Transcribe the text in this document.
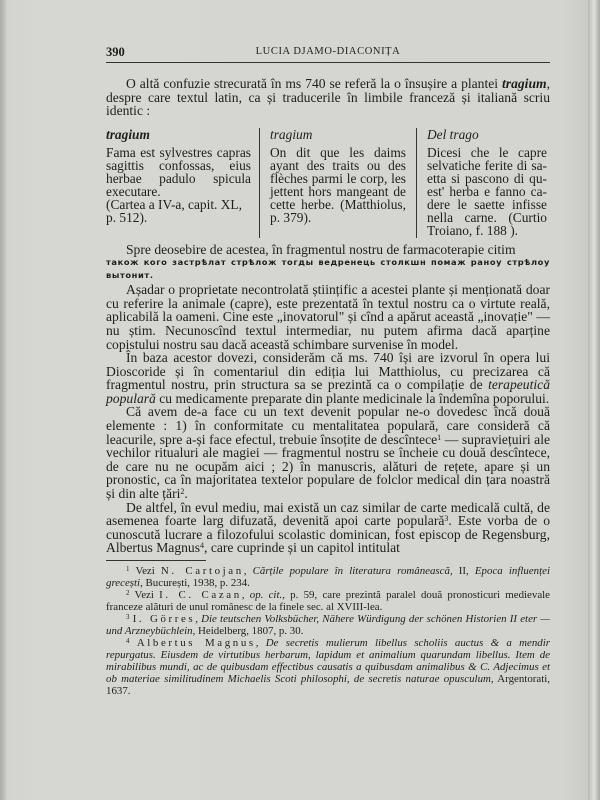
390	LUCIA DJAMO-DIACONIȚA

O altă confuzie strecurată în ms 740 se referă la o însușire a plantei tragium, despre care textul latin, ca și traducerile în limbile franceză și italiană scriu identic :

tragium
Fama est sylvestres capras sagittis confossas, eius herbae padulo spicula executare.
(Cartea a IV-a, capit. XL, p. 512).
tragium
On dit que les daims ayant des traits ou des flèches parmi le corp, les jettent hors mangeant de cette herbe. (Matthiolus, p. 379).
Del trago
Dicesi che le capre selvatiche ferite di saetta si pascono di quest' herba e fanno cadere le saette infisse nella carne. (Curtio Troiano, f. 188 ).

Spre deosebire de acestea, în fragmentul nostru de farmacoterapie citim

також кого застрѣлат стрѣлож тогды ведренець столкшн помаж раноу стрѣлоу вытонит.

Așadar o proprietate necontrolată științific a acestei plante și menționată doar cu referire la animale (capre), este prezentată în textul nostru ca o virtute reală, aplicabilă la oameni. Cine este „inovatorul" și cînd a apărut această „inovație" — nu știm. Necunoscînd textul intermediar, nu putem afirma dacă aparține copistului nostru sau dacă această schimbare survenise în model.

În baza acestor dovezi, considerăm că ms. 740 își are izvorul în opera lui Dioscoride și în comentariul din ediția lui Matthiolus, cu precizarea că fragmentul nostru, prin structura sa se prezintă ca o compilație de terapeutică populară cu medicamente preparate din plante medicinale la îndemîna poporului.

Că avem de-a face cu un text devenit popular ne-o dovedesc încă două elemente : 1) în conformitate cu mentalitatea populară, care consideră că leacurile, spre a-și face efectul, trebuie însoțite de descîntece$^1$ — supraviețuiri ale vechilor ritualuri ale magiei — fragmentul nostru se încheie cu două descîntece, de care nu ne ocupăm aici ; 2) în manuscris, alături de rețete, apare și un pronostic, ca în majoritatea textelor populare de folclor medical din țara noastră și din alte țări$^2$.

De altfel, în evul mediu, mai există un caz similar de carte medicală cultă, de asemenea foarte larg difuzată, devenită apoi carte populară$^3$. Este vorba de o cunoscută lucrare a filozofului scolastic dominican, fost episcop de Regensburg, Albertus Magnus$^4$, care cuprinde și un capitol intitulat

$^1$ Vezi N. Cartojan, Cărțile populare în literatura românească, II, Epoca influenței grecești, București, 1938, p. 234.

$^2$ Vezi I. C. Cazan, op. cit., p. 59, care prezintă paralel două pronosticuri medievale franceze alături de unul românesc de la finele sec. al XVIII-lea.

$^3$ I. Görres, Die teutschen Volksbücher, Nähere Würdigung der schönen Historien II eter — und Arzneybüchlein, Heidelberg, 1807, p. 30.

$^4$ Albertus Magnus, De secretis mulierum libellus scholiis auctus & a mendir repurgatus. Eiusdem de virtutibus herbarum, lapidum et animalium quarundam libellus. Item de mirabilibus mundi, ac de quibusdam effectibus causatis a quibusdam animalibus & C. Adjecimus et ob materiae similitudinem Michaelis Scoti philosophi, de secretis naturae opusculum, Argentorati, 1637.
